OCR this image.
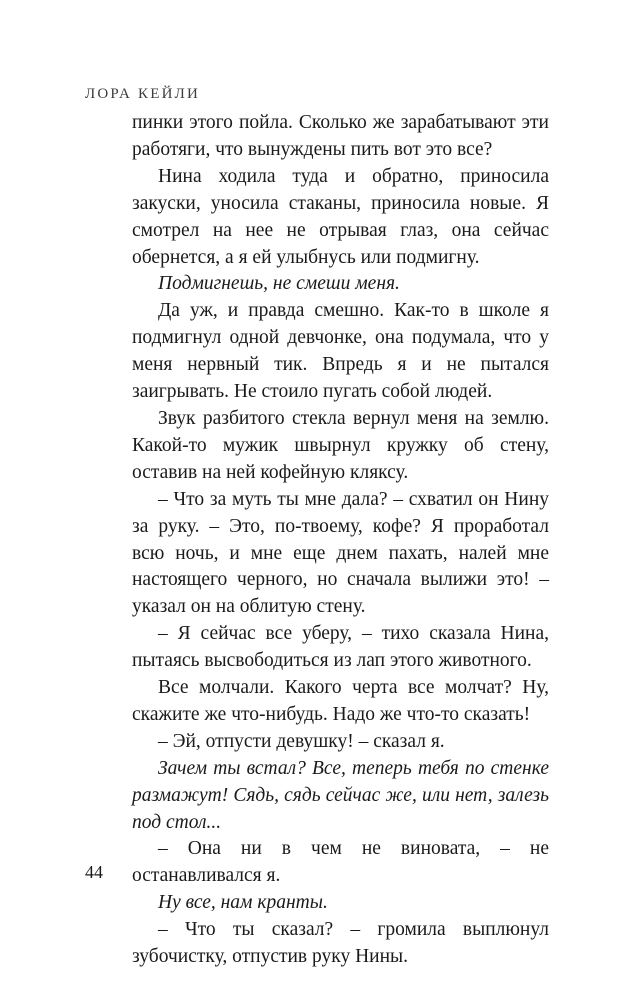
ЛОРА КЕЙЛИ

пинки этого пойла. Сколько же зарабатывают эти работяги, что вынуждены пить вот это все?

Нина ходила туда и обратно, приносила закуски, уносила стаканы, приносила новые. Я смотрел на нее не отрывая глаз, она сейчас обернется, а я ей улыбнусь или подмигну.

Подмигнешь, не смеши меня.

Да уж, и правда смешно. Как-то в школе я подмигнул одной девчонке, она подумала, что у меня нервный тик. Впредь я и не пытался заигрывать. Не стоило пугать собой людей.

Звук разбитого стекла вернул меня на землю. Какой-то мужик швырнул кружку об стену, оставив на ней кофейную кляксу.

– Что за муть ты мне дала? – схватил он Нину за руку. – Это, по-твоему, кофе? Я проработал всю ночь, и мне еще днем пахать, налей мне настоящего черного, но сначала вылижи это! – указал он на облитую стену.

– Я сейчас все уберу, – тихо сказала Нина, пытаясь высвободиться из лап этого животного.

Все молчали. Какого черта все молчат? Ну, скажите же что-нибудь. Надо же что-то сказать!

– Эй, отпусти девушку! – сказал я.

Зачем ты встал? Все, теперь тебя по стенке размажут! Сядь, сядь сейчас же, или нет, залезь под стол...

– Она ни в чем не виновата, – не останавливался я.

Ну все, нам кранты.

– Что ты сказал? – громила выплюнул зубочистку, отпустив руку Нины.

44
